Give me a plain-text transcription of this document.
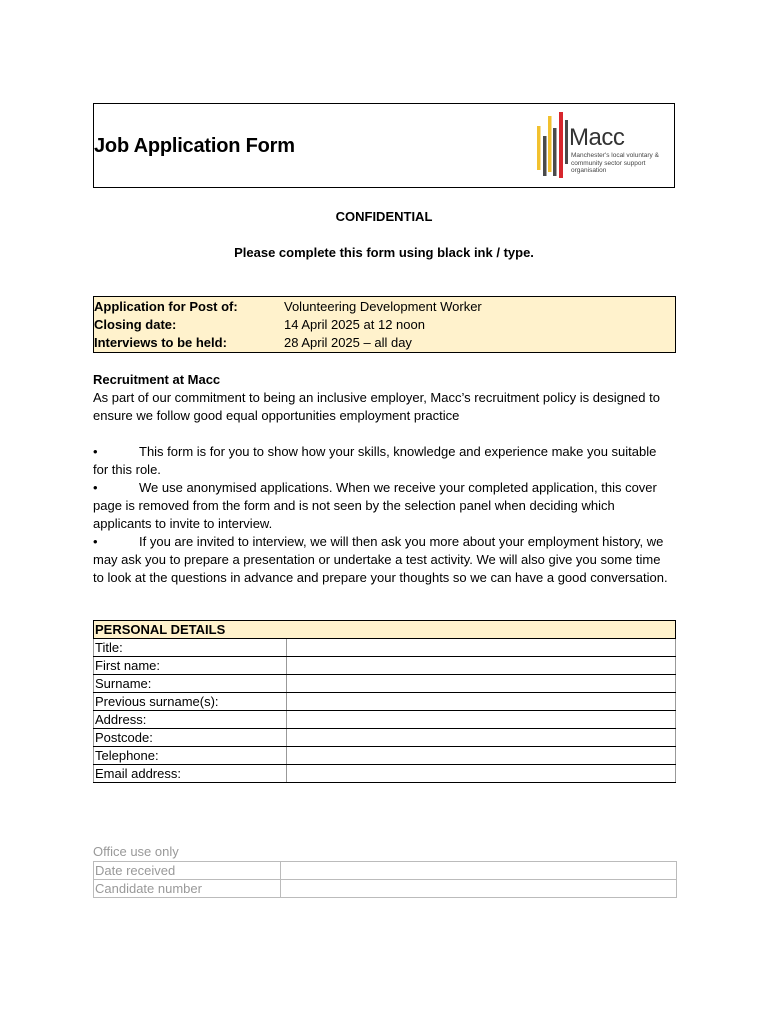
Job Application Form	Macc
Manchester's local voluntary & community sector support organisation
CONFIDENTIAL
Please complete this form using black ink / type.
Application for Post of:	Volunteering Development Worker
Closing date:	14 April 2025 at 12 noon
Interviews to be held:	28 April 2025 – all day
Recruitment at Macc
As part of our commitment to being an inclusive employer, Macc’s recruitment policy is designed to ensure we follow good equal opportunities employment practice
•	This form is for you to show how your skills, knowledge and experience make you suitable for this role.
•	We use anonymised applications. When we receive your completed application, this cover page is removed from the form and is not seen by the selection panel when deciding which applicants to invite to interview.
•	If you are invited to interview, we will then ask you more about your employment history, we may ask you to prepare a presentation or undertake a test activity. We will also give you some time to look at the questions in advance and prepare your thoughts so we can have a good conversation.
PERSONAL DETAILS	
Title:	
First name:	
Surname:	
Previous surname(s):	
Address:	
Postcode:	
Telephone:	
Email address:	
Office use only
Date received	
Candidate number	
